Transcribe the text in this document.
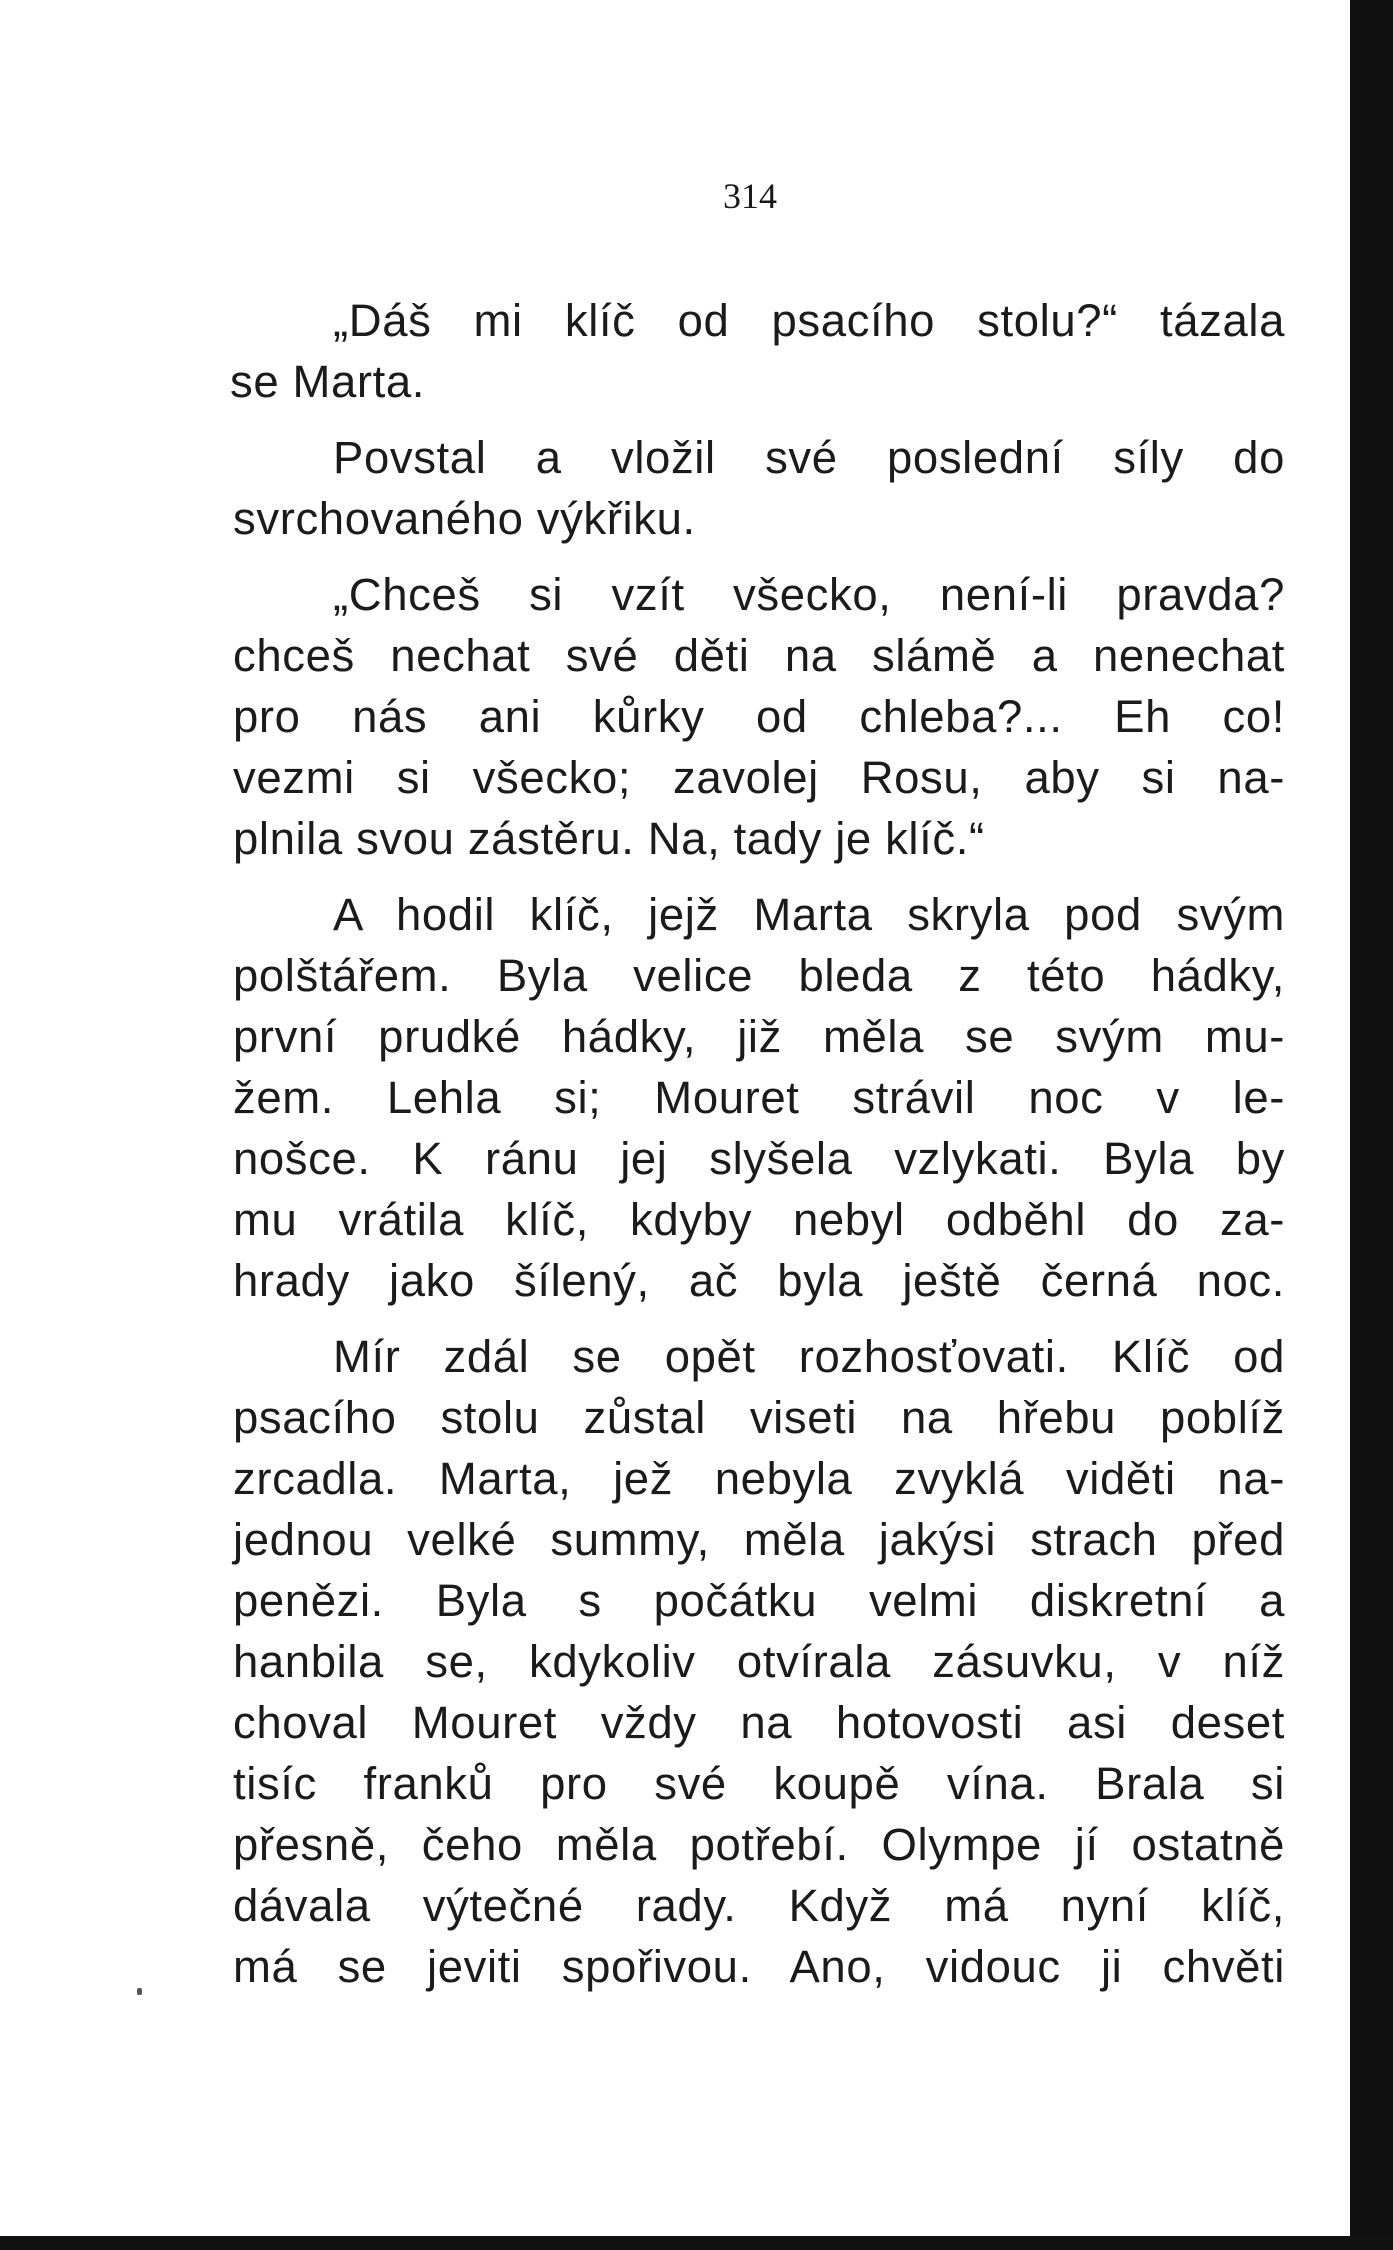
314
„Dáš mi klíč od psacího stolu?“ tázala
se Marta.
Povstal a vložil své poslední síly do
svrchovaného výkřiku.
„Chceš si vzít všecko, není-li pravda?
chceš nechat své děti na slámě a nenechat
pro nás ani kůrky od chleba?... Eh co!
vezmi si všecko; zavolej Rosu, aby si na-
plnila svou zástěru. Na, tady je klíč.“
A hodil klíč, jejž Marta skryla pod svým
polštářem. Byla velice bleda z této hádky,
první prudké hádky, již měla se svým mu-
žem. Lehla si; Mouret strávil noc v le-
nošce. K ránu jej slyšela vzlykati. Byla by
mu vrátila klíč, kdyby nebyl odběhl do za-
hrady jako šílený, ač byla ještě černá noc.
Mír zdál se opět rozhosťovati. Klíč od
psacího stolu zůstal viseti na hřebu poblíž
zrcadla. Marta, jež nebyla zvyklá viděti na-
jednou velké summy, měla jakýsi strach před
penězi. Byla s počátku velmi diskretní a
hanbila se, kdykoliv otvírala zásuvku, v níž
choval Mouret vždy na hotovosti asi deset
tisíc franků pro své koupě vína. Brala si
přesně, čeho měla potřebí. Olympe jí ostatně
dávala výtečné rady. Když má nyní klíč,
má se jeviti spořivou. Ano, vidouc ji chvěti
